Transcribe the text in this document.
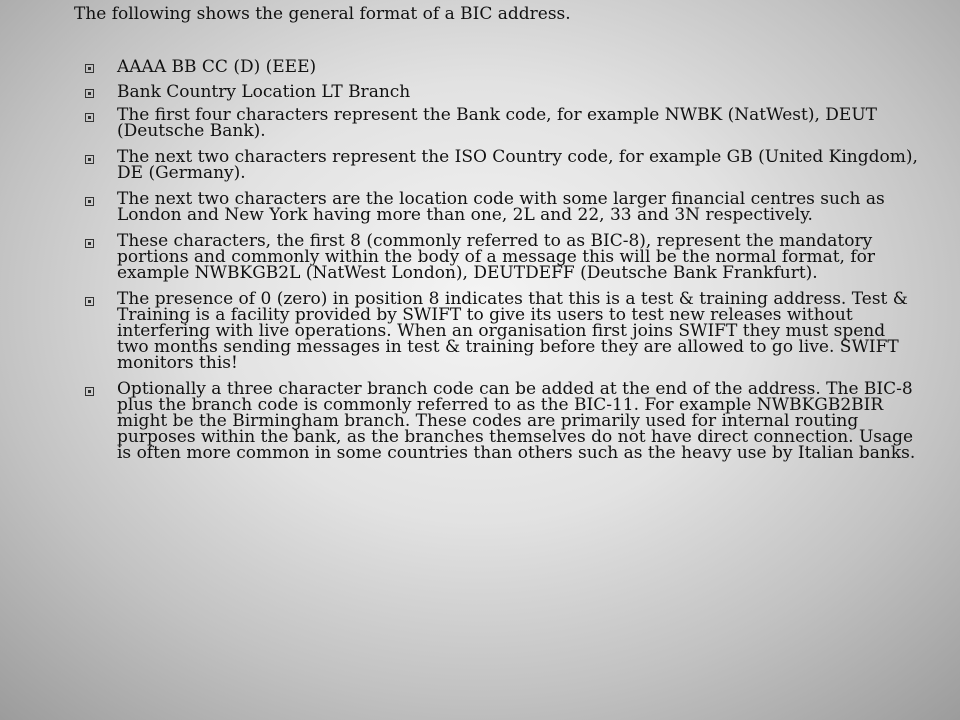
The following shows the general format of a BIC address.

AAAA BB CC (D) (EEE)
Bank Country Location LT Branch
The first four characters represent the Bank code, for example NWBK (NatWest), DEUT (Deutsche Bank).
The next two characters represent the ISO Country code, for example GB (United Kingdom), DE (Germany).
The next two characters are the location code with some larger financial centres such as London and New York having more than one, 2L and 22, 33 and 3N respectively.
These characters, the first 8 (commonly referred to as BIC-8), represent the mandatory portions and commonly within the body of a message this will be the normal format, for example NWBKGB2L (NatWest London), DEUTDEFF (Deutsche Bank Frankfurt).
The presence of 0 (zero) in position 8 indicates that this is a test & training address. Test & Training is a facility provided by SWIFT to give its users to test new releases without interfering with live operations. When an organisation first joins SWIFT they must spend two months sending messages in test & training before they are allowed to go live. SWIFT monitors this!
Optionally a three character branch code can be added at the end of the address. The BIC-8 plus the branch code is commonly referred to as the BIC-11. For example NWBKGB2BIR might be the Birmingham branch. These codes are primarily used for internal routing purposes within the bank, as the branches themselves do not have direct connection. Usage is often more common in some countries than others such as the heavy use by Italian banks.
